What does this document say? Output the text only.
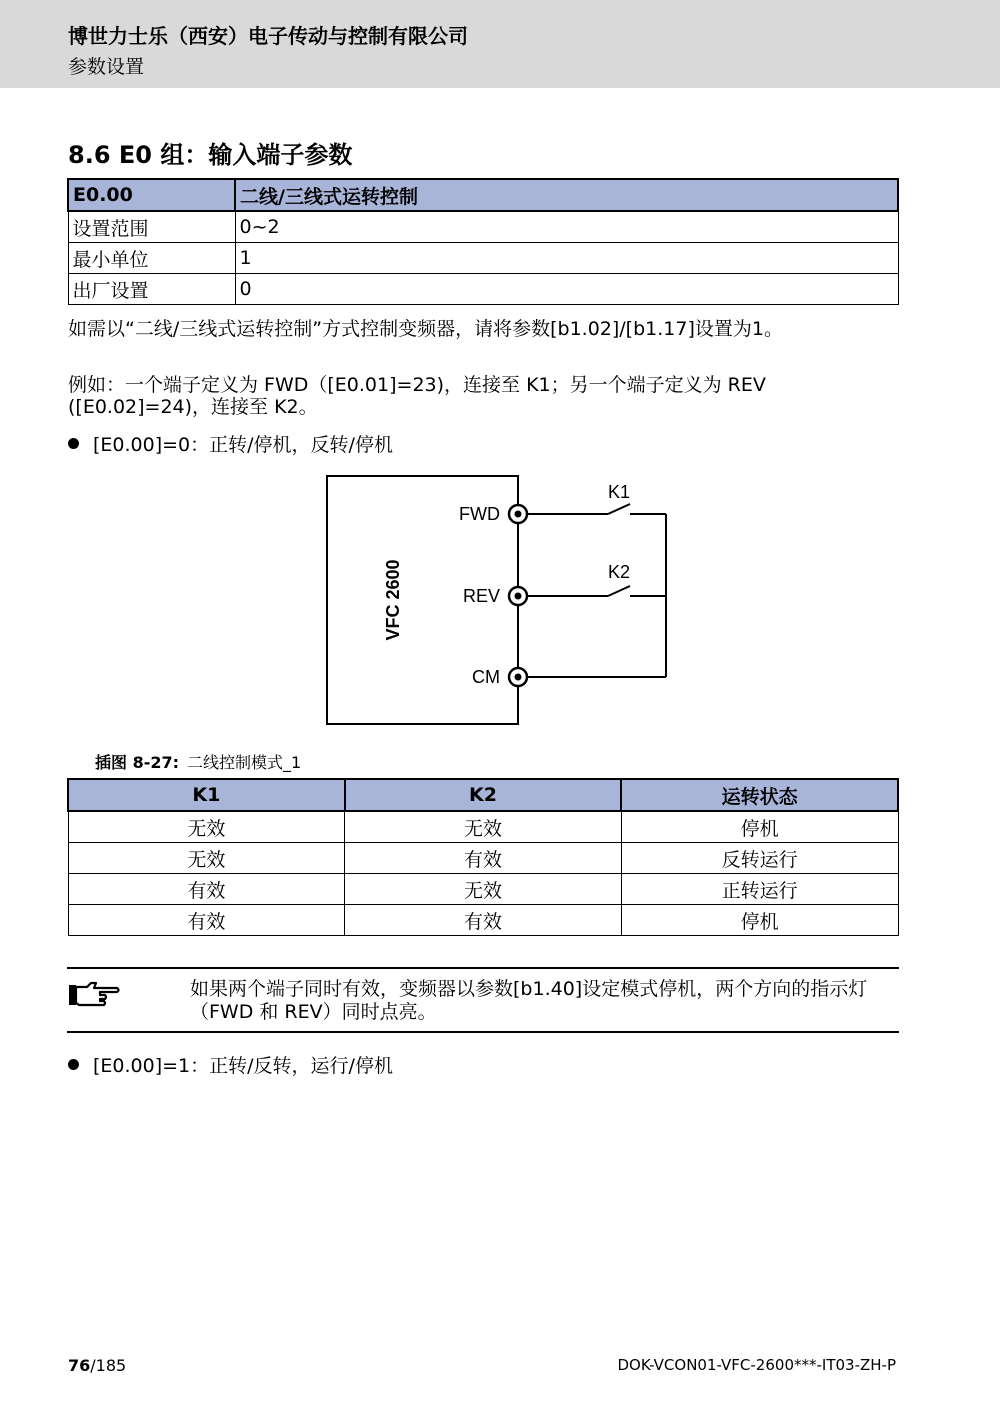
博世力士乐（西安）电子传动与控制有限公司
参数设置
8.6 E0 组：输入端子参数
E0.00	二线/三线式运转控制
设置范围	0~2
最小单位	1
出厂设置	0
如需以“二线/三线式运转控制”方式控制变频器，请将参数[b1.02]/[b1.17]设置为1。
例如：一个端子定义为 FWD（[E0.01]=23)，连接至 K1；另一个端子定义为 REV ([E0.02]=24)，连接至 K2。
[E0.00]=0：正转/停机，反转/停机
VFC 2600
FWD
REV
CM
K1
K2
插图 8-27: 二线控制模式_1
K1	K2	运转状态
无效	无效	停机
无效	有效	反转运行
有效	无效	正转运行
有效	有效	停机
如果两个端子同时有效，变频器以参数[b1.40]设定模式停机，两个方向的指示灯（FWD 和 REV）同时点亮。
[E0.00]=1：正转/反转，运行/停机
76/185	DOK-VCON01-VFC-2600***-IT03-ZH-P
